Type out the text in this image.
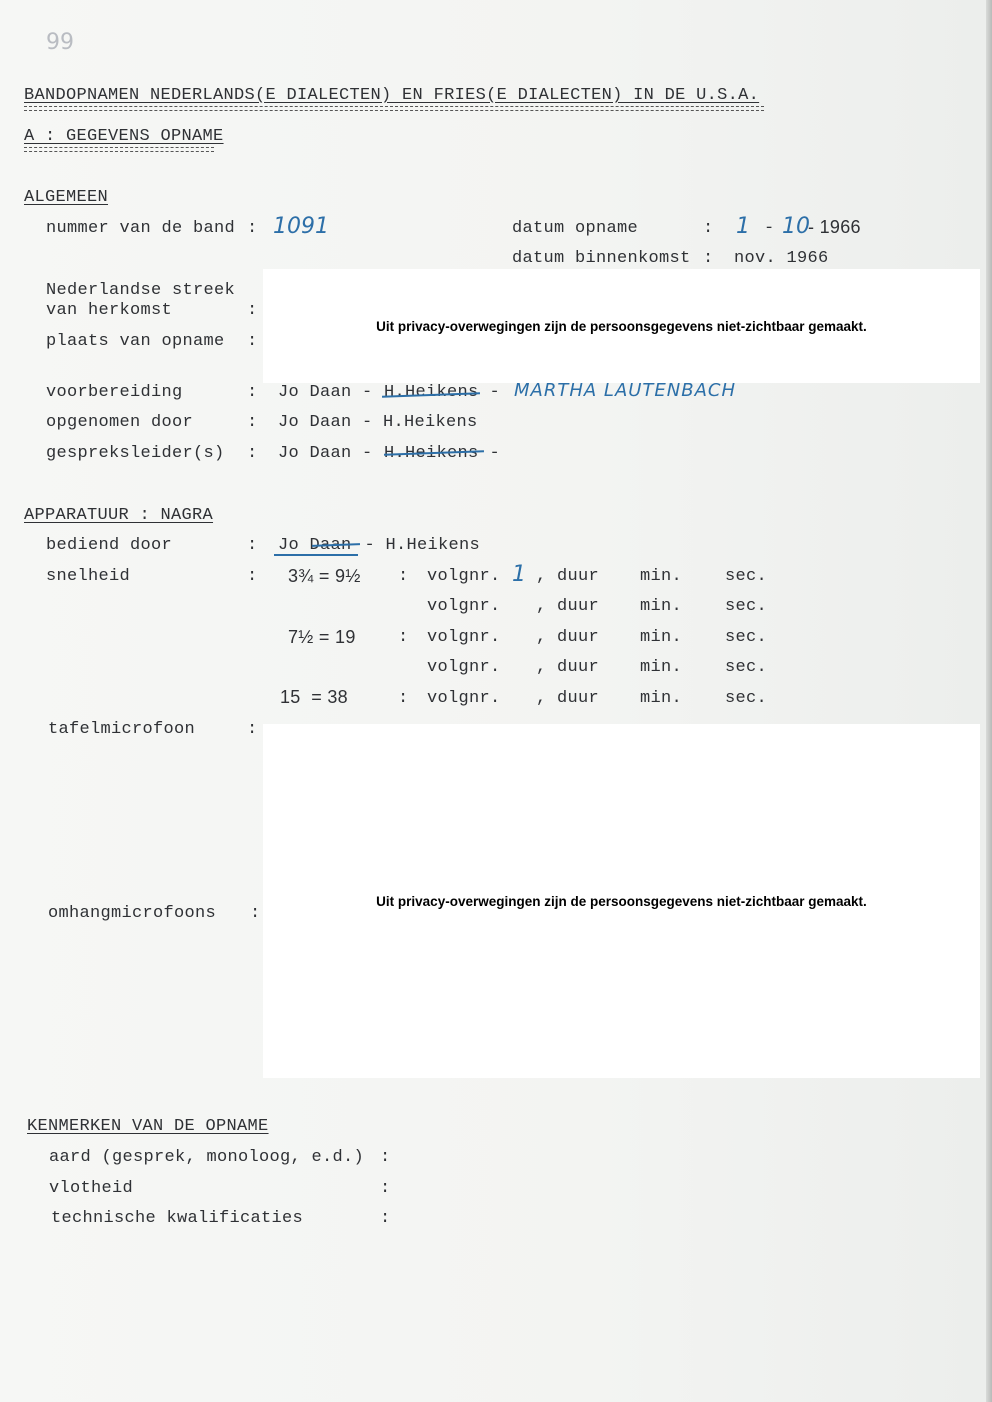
99
BANDOPNAMEN NEDERLANDS(E DIALECTEN) EN FRIES(E DIALECTEN) IN DE U.S.A.
A : GEGEVENS OPNAME
ALGEMEEN
nummer van de band : 1091	datum opname	: 1 - 10
- 1966
datum binnenkomst : nov. 1966
Nederlandse streek
van herkomst	:
plaats van opname :
Uit privacy-overwegingen zijn de persoonsgegevens niet-zichtbaar gemaakt.
voorbereiding	: Jo Daan - H.Heikens - MARTHA LAUTENBACH
opgenomen door	: Jo Daan - H.Heikens
gespreksleider(s) : Jo Daan - H.Heikens -
APPARATUUR : NAGRA
bediend door	: Jo Daan - H.Heikens
snelheid	: 3¾ = 9½ : volgnr. 1 , duur min.	sec.
volgnr. , duur min.	sec.
7½ = 19 : volgnr. , duur min.	sec.
volgnr. , duur min.	sec.
15  = 38	: volgnr. , duur min.	sec.
tafelmicrofoon	:
omhangmicrofoons :
Uit privacy-overwegingen zijn de persoonsgegevens niet-zichtbaar gemaakt.
KENMERKEN VAN DE OPNAME
aard (gesprek, monoloog, e.d.) :
vlotheid	:
technische kwalificaties	:
